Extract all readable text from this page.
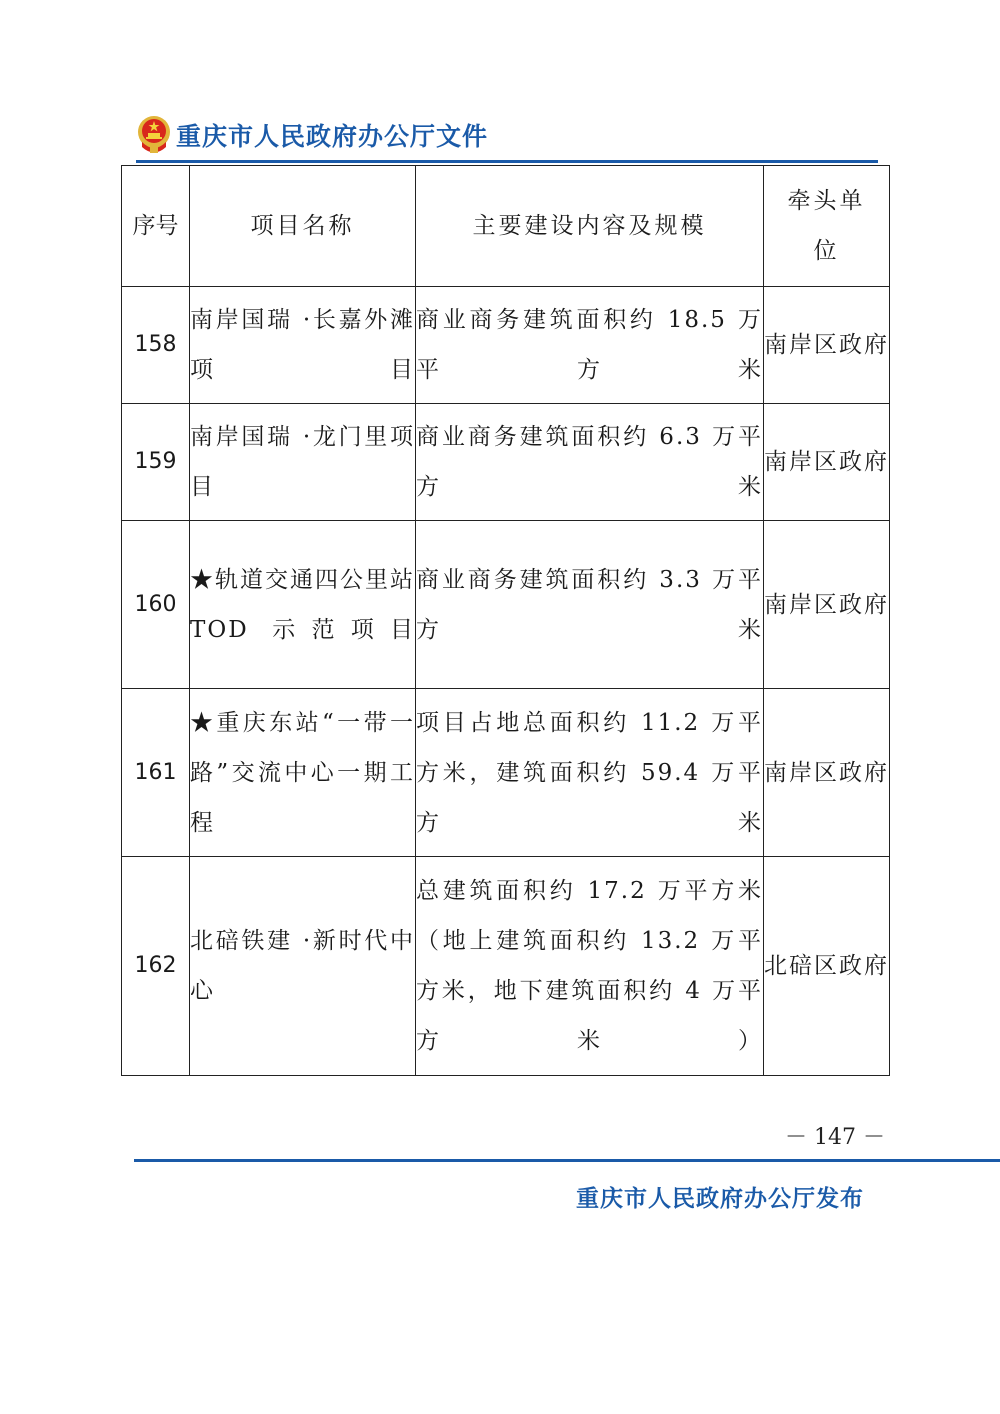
重庆市人民政府办公厅文件
序号	项目名称	主要建设内容及规模	牵头单位
158	南岸国瑞 ·长嘉外滩项目	商业商务建筑面积约 18.5 万平方米	南岸区政府
159	南岸国瑞 ·龙门里项目	商业商务建筑面积约 6.3 万平方米	南岸区政府
160	★轨道交通四公里站 TOD 示范项目	商业商务建筑面积约 3.3 万平方米	南岸区政府
161	★重庆东站“一带一路”交流中心一期工程	项目占地总面积约 11.2 万平方米，建筑面积约 59.4 万平方米	南岸区政府
162	北碚铁建 ·新时代中心	总建筑面积约 17.2 万平方米（地上建筑面积约 13.2 万平方米，地下建筑面积约 4 万平方米）	北碚区政府
－ 147 －
重庆市人民政府办公厅发布
